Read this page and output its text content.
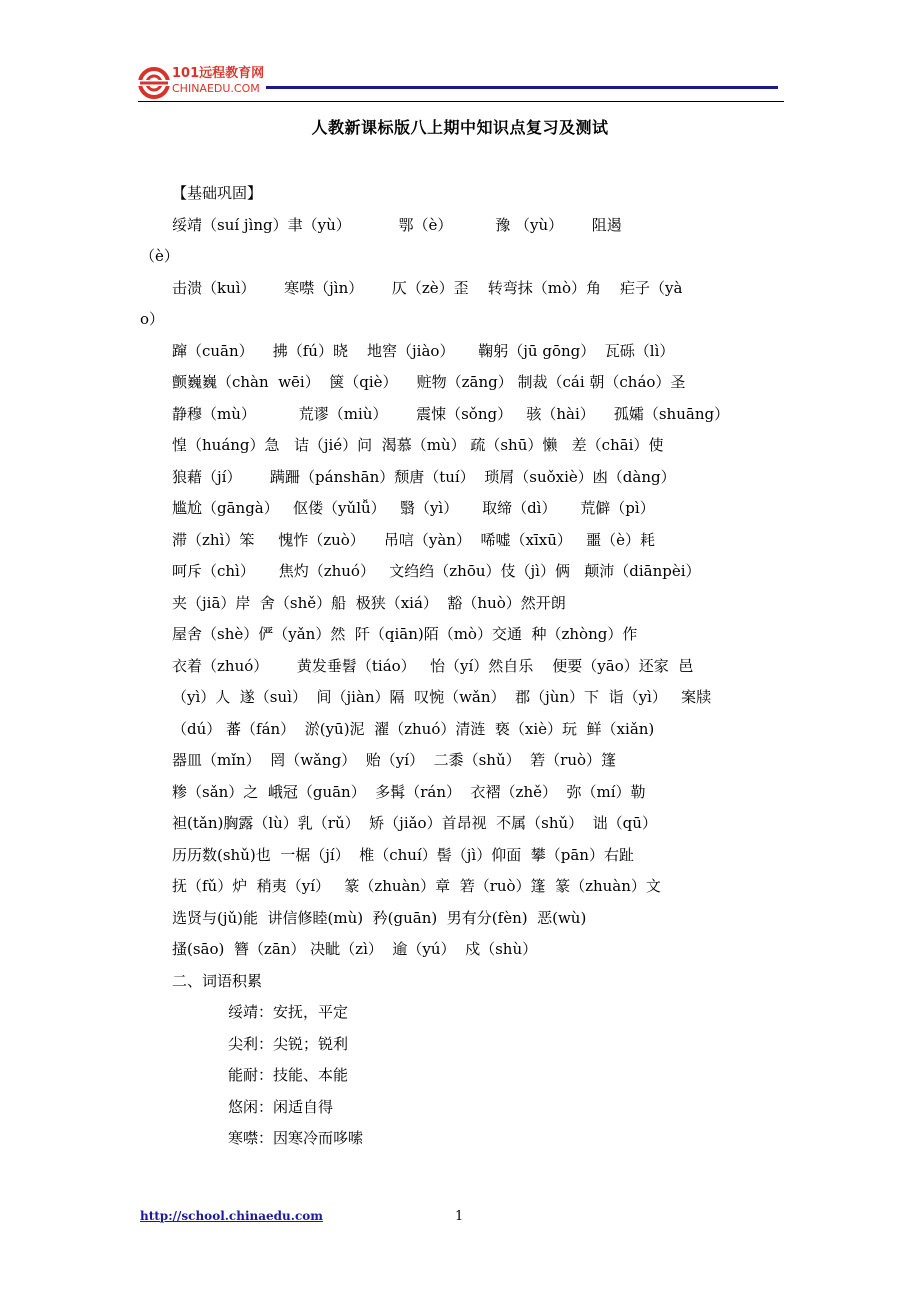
101远程教育网
CHINAEDU.COM
人教新课标版八上期中知识点复习及测试
【基础巩固】
绥靖（suí jìng）聿（yù）          鄂（è）         豫 （yù）      阻遏
（è）
击溃（kuì）      寒噤（jìn）      仄（zè）歪    转弯抹（mò）角    疟子（yà
o）
蹿（cuān）    拂（fú）晓    地窖（jiào）     鞠躬（jū gōng）  瓦砾（lì）
颤巍巍（chàn  wēi）  箧（qiè）    赃物（zāng） 制裁（cái 朝（cháo）圣
静穆（mù）         荒谬（miù）      震悚（sǒng）   骇（hài）    孤孀（shuāng）
惶（huáng）急   诘（jié）问  渴慕（mù） 疏（shū）懒   差（chāi）使
狼藉（jí）      蹒跚（pánshān）颓唐（tuí）  琐屑（suǒxiè）凼（dàng）
尴尬（gāngà）   伛偻（yǔlǚ）   翳（yì）     取缔（dì）     荒僻（pì）
滞（zhì）笨     愧怍（zuò）    吊唁（yàn）  唏嘘（xīxū）   噩（è）耗
呵斥（chì）     焦灼（zhuó）   文绉绉（zhōu）伎（jì）俩   颠沛（diānpèi）
夹（jiā）岸  舍（shě）船  极狭（xiá）  豁（huò）然开朗
屋舍（shè）俨（yǎn）然  阡（qiān)陌（mò）交通  种（zhòng）作
衣着（zhuó）      黄发垂髫（tiáo）   怡（yí）然自乐    便要（yāo）还家  邑
（yì）人  遂（suì）  间（jiàn）隔  叹惋（wǎn）  郡（jùn）下  诣（yì）   案牍
（dú） 蕃（fán）  淤(yū)泥  濯（zhuó）清涟  亵（xiè）玩  鲜（xiǎn)
器皿（mǐn）  罔（wǎng）  贻（yí）  二黍（shǔ）  箬（ruò）篷
糁（sǎn）之  峨冠（guān）  多髯（rán）  衣褶（zhě）  弥（mí）勒
袒(tǎn)胸露（lù）乳（rǔ）  矫（jiǎo）首昂视  不属（shǔ）  诎（qū）
历历数(shǔ)也  一椐（jí）  椎（chuí）髻（jì）仰面  攀（pān）右趾
抚（fǔ）炉  稍夷（yí）   篆（zhuàn）章  箬（ruò）篷  篆（zhuàn）文
选贤与(jǔ)能  讲信修睦(mù)  矜(guān)  男有分(fèn)  恶(wù)
搔(sāo)  簪（zān） 决眦（zì）  逾（yú）  戍（shù）
二、词语积累
绥靖：安抚，平定
尖利：尖锐；锐利
能耐：技能、本能
悠闲：闲适自得
寒噤：因寒冷而哆嗦
http://school.chinaedu.com	1
